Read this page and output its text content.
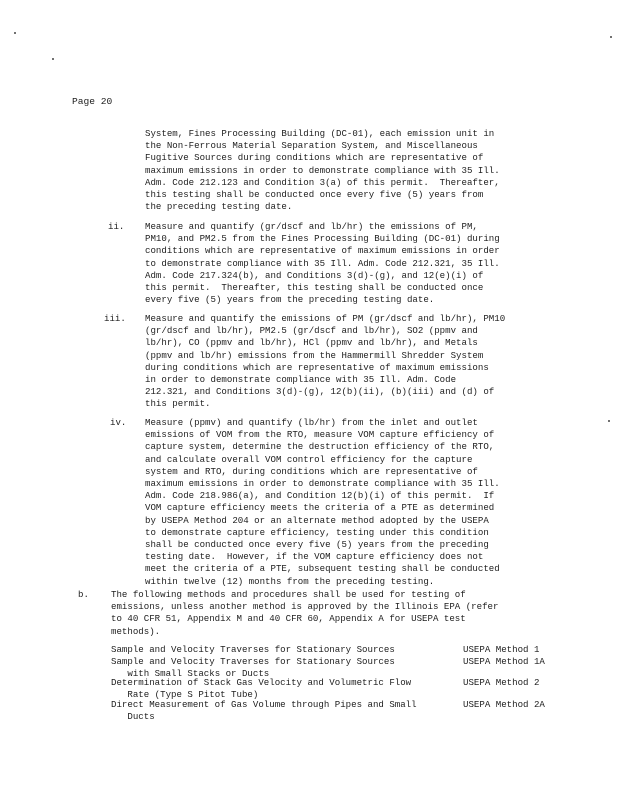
Page 20

System, Fines Processing Building (DC-01), each emission unit in
the Non-Ferrous Material Separation System, and Miscellaneous
Fugitive Sources during conditions which are representative of
maximum emissions in order to demonstrate compliance with 35 Ill.
Adm. Code 212.123 and Condition 3(a) of this permit.  Thereafter,
this testing shall be conducted once every five (5) years from
the preceding testing date.

ii. Measure and quantify (gr/dscf and lb/hr) the emissions of PM,
PM10, and PM2.5 from the Fines Processing Building (DC-01) during
conditions which are representative of maximum emissions in order
to demonstrate compliance with 35 Ill. Adm. Code 212.321, 35 Ill.
Adm. Code 217.324(b), and Conditions 3(d)-(g), and 12(e)(i) of
this permit.  Thereafter, this testing shall be conducted once
every five (5) years from the preceding testing date.

iii. Measure and quantify the emissions of PM (gr/dscf and lb/hr), PM10
(gr/dscf and lb/hr), PM2.5 (gr/dscf and lb/hr), SO2 (ppmv and
lb/hr), CO (ppmv and lb/hr), HCl (ppmv and lb/hr), and Metals
(ppmv and lb/hr) emissions from the Hammermill Shredder System
during conditions which are representative of maximum emissions
in order to demonstrate compliance with 35 Ill. Adm. Code
212.321, and Conditions 3(d)-(g), 12(b)(ii), (b)(iii) and (d) of
this permit.

iv. Measure (ppmv) and quantify (lb/hr) from the inlet and outlet
emissions of VOM from the RTO, measure VOM capture efficiency of
capture system, determine the destruction efficiency of the RTO,
and calculate overall VOM control efficiency for the capture
system and RTO, during conditions which are representative of
maximum emissions in order to demonstrate compliance with 35 Ill.
Adm. Code 218.986(a), and Condition 12(b)(i) of this permit.  If
VOM capture efficiency meets the criteria of a PTE as determined
by USEPA Method 204 or an alternate method adopted by the USEPA
to demonstrate capture efficiency, testing under this condition
shall be conducted once every five (5) years from the preceding
testing date.  However, if the VOM capture efficiency does not
meet the criteria of a PTE, subsequent testing shall be conducted
within twelve (12) months from the preceding testing.

b. The following methods and procedures shall be used for testing of
emissions, unless another method is approved by the Illinois EPA (refer
to 40 CFR 51, Appendix M and 40 CFR 60, Appendix A for USEPA test
methods).

Sample and Velocity Traverses for Stationary Sources	USEPA Method 1
Sample and Velocity Traverses for Stationary Sources
with Small Stacks or Ducts
USEPA Method 1A
Determination of Stack Gas Velocity and Volumetric Flow
Rate (Type S Pitot Tube)
USEPA Method 2
Direct Measurement of Gas Volume through Pipes and Small
Ducts
USEPA Method 2A
